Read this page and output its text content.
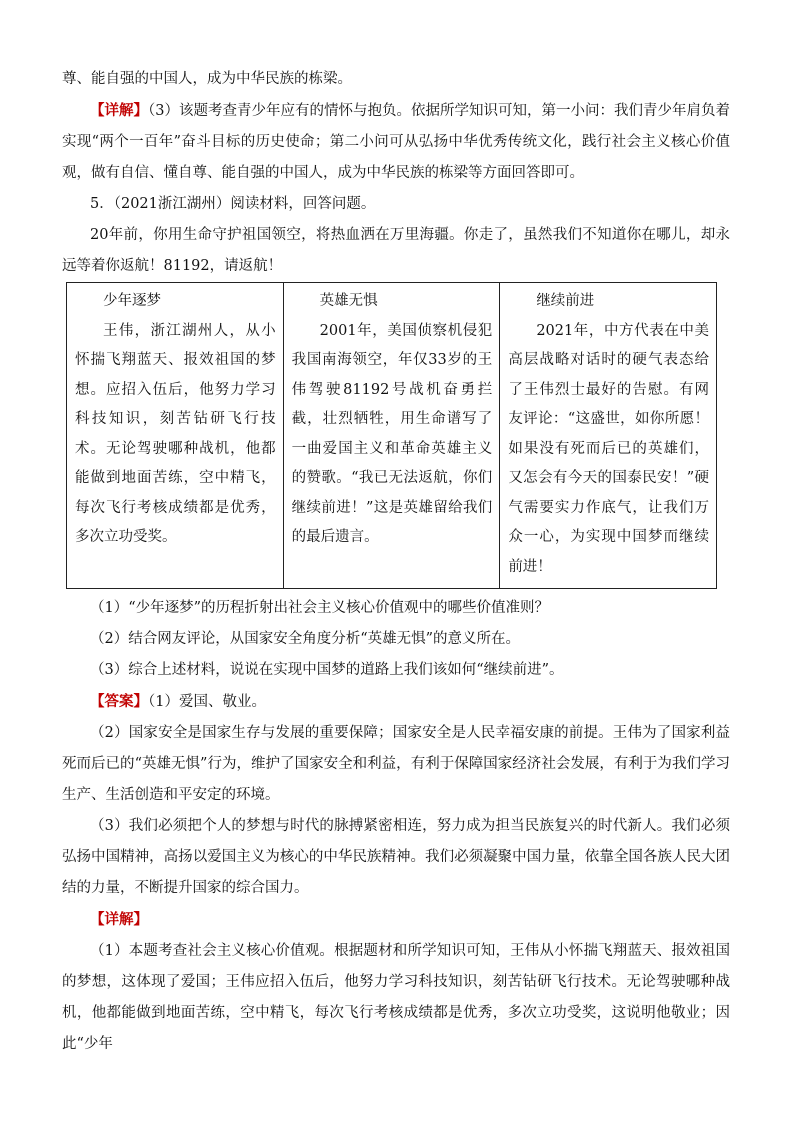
尊、能自强的中国人，成为中华民族的栋梁。

【详解】（3）该题考查青少年应有的情怀与抱负。依据所学知识可知，第一小问：我们青少年肩负着实现“两个一百年”奋斗目标的历史使命；第二小问可从弘扬中华优秀传统文化，践行社会主义核心价值观，做有自信、懂自尊、能自强的中国人，成为中华民族的栋梁等方面回答即可。

5．（2021浙江湖州）阅读材料，回答问题。

20年前，你用生命守护祖国领空，将热血洒在万里海疆。你走了，虽然我们不知道你在哪儿，却永远等着你返航！81192，请返航！

少年逐梦
王伟，浙江湖州人，从小怀揣飞翔蓝天、报效祖国的梦想。应招入伍后，他努力学习科技知识，刻苦钻研飞行技术。无论驾驶哪种战机，他都能做到地面苦练，空中精飞，每次飞行考核成绩都是优秀，多次立功受奖。

英雄无惧
2001年，美国侦察机侵犯我国南海领空，年仅33岁的王伟驾驶81192号战机奋勇拦截，壮烈牺牲，用生命谱写了一曲爱国主义和革命英雄主义的赞歌。“我已无法返航，你们继续前进！”这是英雄留给我们的最后遗言。

继续前进
2021年，中方代表在中美高层战略对话时的硬气表态给了王伟烈士最好的告慰。有网友评论：“这盛世，如你所愿！如果没有死而后已的英雄们，又怎会有今天的国泰民安！”硬气需要实力作底气，让我们万众一心，为实现中国梦而继续前进！

（1）“少年逐梦”的历程折射出社会主义核心价值观中的哪些价值准则？

（2）结合网友评论，从国家安全角度分析“英雄无惧”的意义所在。

（3）综合上述材料，说说在实现中国梦的道路上我们该如何“继续前进”。

【答案】（1）爱国、敬业。

（2）国家安全是国家生存与发展的重要保障；国家安全是人民幸福安康的前提。王伟为了国家利益死而后已的“英雄无惧”行为，维护了国家安全和利益，有利于保障国家经济社会发展，有利于为我们学习生产、生活创造和平安定的环境。

（3）我们必须把个人的梦想与时代的脉搏紧密相连，努力成为担当民族复兴的时代新人。我们必须弘扬中国精神，高扬以爱国主义为核心的中华民族精神。我们必须凝聚中国力量，依靠全国各族人民大团结的力量，不断提升国家的综合国力。

【详解】

（1）本题考查社会主义核心价值观。根据题材和所学知识可知，王伟从小怀揣飞翔蓝天、报效祖国的梦想，这体现了爱国；王伟应招入伍后，他努力学习科技知识，刻苦钻研飞行技术。无论驾驶哪种战机，他都能做到地面苦练，空中精飞，每次飞行考核成绩都是优秀，多次立功受奖，这说明他敬业；因此“少年
